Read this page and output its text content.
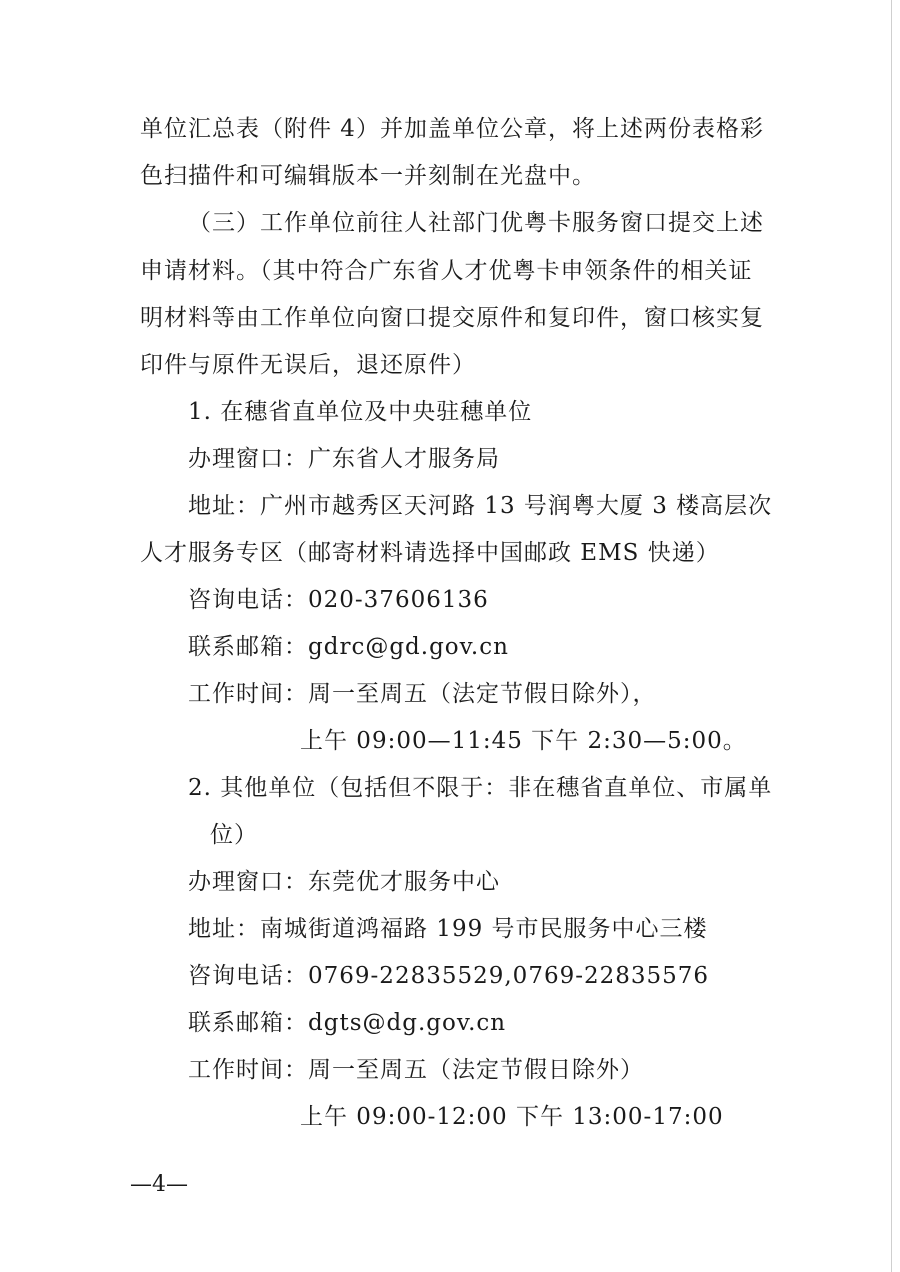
单位汇总表（附件 4）并加盖单位公章，将上述两份表格彩
色扫描件和可编辑版本一并刻制在光盘中。
（三）工作单位前往人社部门优粤卡服务窗口提交上述
申请材料。（其中符合广东省人才优粤卡申领条件的相关证
明材料等由工作单位向窗口提交原件和复印件，窗口核实复
印件与原件无误后，退还原件）
1. 在穗省直单位及中央驻穗单位
办理窗口：广东省人才服务局
地址：广州市越秀区天河路 13 号润粤大厦 3 楼高层次
人才服务专区（邮寄材料请选择中国邮政 EMS 快递）
咨询电话：020-37606136
联系邮箱：gdrc@gd.gov.cn
工作时间：周一至周五（法定节假日除外），
上午 09:00—11:45 下午 2:30—5:00。
2. 其他单位（包括但不限于：非在穗省直单位、市属单
位）
办理窗口：东莞优才服务中心
地址：南城街道鸿福路 199 号市民服务中心三楼
咨询电话：0769-22835529,0769-22835576
联系邮箱：dgts@dg.gov.cn
工作时间：周一至周五（法定节假日除外）
上午 09:00-12:00 下午 13:00-17:00
—4—
